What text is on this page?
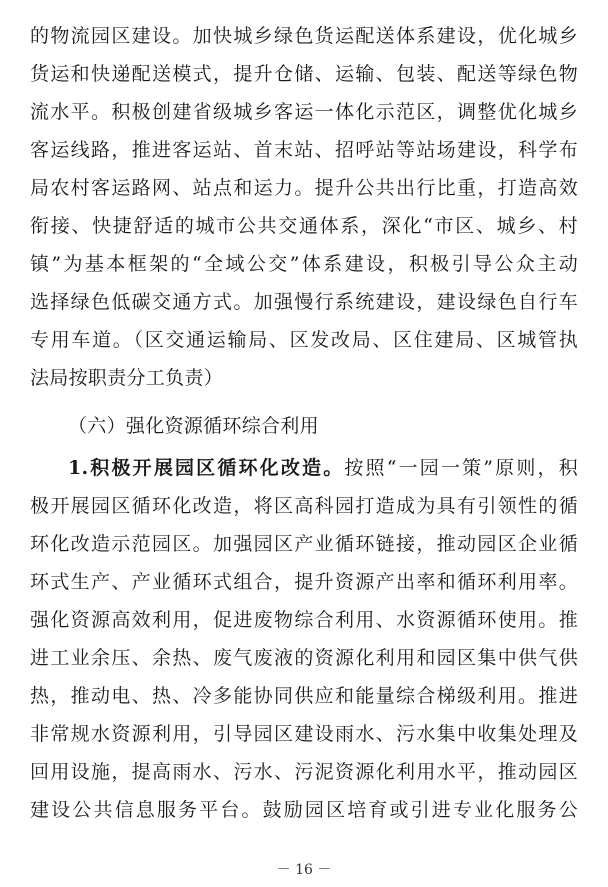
的物流园区建设。加快城乡绿色货运配送体系建设，优化城乡
货运和快递配送模式，提升仓储、运输、包装、配送等绿色物
流水平。积极创建省级城乡客运一体化示范区，调整优化城乡
客运线路，推进客运站、首末站、招呼站等站场建设，科学布
局农村客运路网、站点和运力。提升公共出行比重，打造高效
衔接、快捷舒适的城市公共交通体系，深化“市区、城乡、村
镇”为基本框架的“全域公交”体系建设，积极引导公众主动
选择绿色低碳交通方式。加强慢行系统建设，建设绿色自行车
专用车道。（区交通运输局、区发改局、区住建局、区城管执
法局按职责分工负责）
（六）强化资源循环综合利用
1.积极开展园区循环化改造。按照“一园一策”原则，积
极开展园区循环化改造，将区高科园打造成为具有引领性的循
环化改造示范园区。加强园区产业循环链接，推动园区企业循
环式生产、产业循环式组合，提升资源产出率和循环利用率。
强化资源高效利用，促进废物综合利用、水资源循环使用。推
进工业余压、余热、废气废液的资源化利用和园区集中供气供
热，推动电、热、冷多能协同供应和能量综合梯级利用。推进
非常规水资源利用，引导园区建设雨水、污水集中收集处理及
回用设施，提高雨水、污水、污泥资源化利用水平，推动园区
建设公共信息服务平台。鼓励园区培育或引进专业化服务公
－ 16 －
